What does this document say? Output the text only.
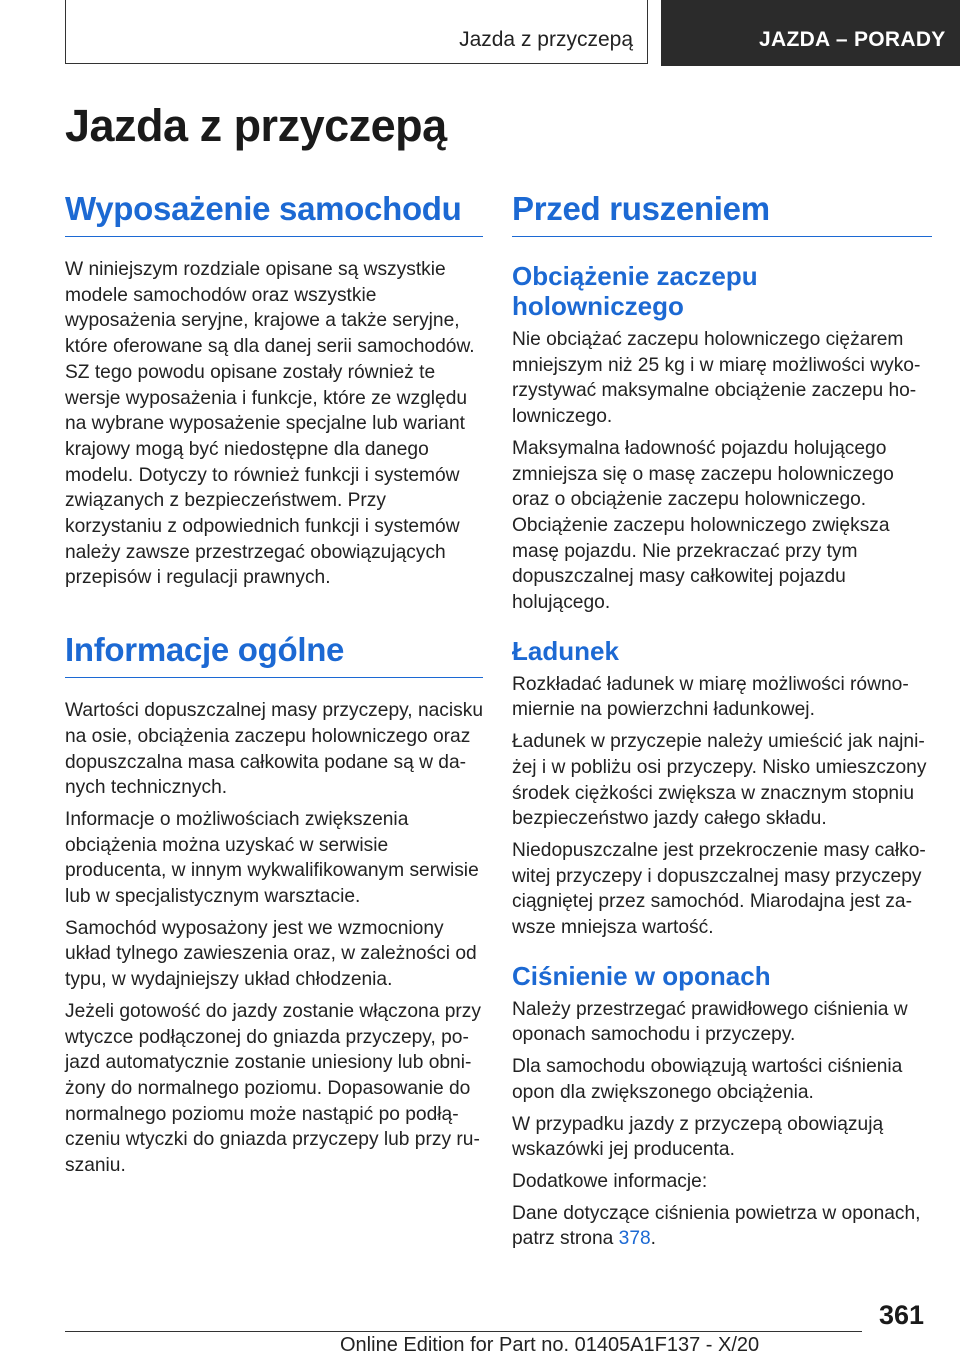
Jazda z przyczepą	JAZDA – PORADY
Jazda z przyczepą
Wyposażenie samochodu

W niniejszym rozdziale opisane są wszystkie modele samochodów oraz wszystkie wyposażenia seryjne, krajowe a także seryjne, które oferowane są dla danej serii samochodów. SZ tego powodu opisane zostały również te wersje wyposażenia i funkcje, które ze względu na wybrane wyposażenie specjalne lub wariant krajowy mogą być niedostępne dla danego modelu. Dotyczy to również funkcji i systemów związanych z bezpieczeństwem. Przy korzystaniu z odpowiednich funkcji i systemów należy zawsze przestrzegać obowiązujących przepisów i regulacji prawnych.

Informacje ogólne

Wartości dopuszczalnej masy przyczepy, nacisku na osie, obciążenia zaczepu holowniczego oraz dopuszczalna masa całkowita podane są w danych technicznych.

Informacje o możliwościach zwiększenia obciążenia można uzyskać w serwisie producenta, w innym wykwalifikowanym serwisie lub w specjalistycznym warsztacie.

Samochód wyposażony jest we wzmocniony układ tylnego zawieszenia oraz, w zależności od typu, w wydajniejszy układ chłodzenia.

Jeżeli gotowość do jazdy zostanie włączona przy wtyczce podłączonej do gniazda przyczepy, pojazd automatycznie zostanie uniesiony lub obniżony do normalnego poziomu. Dopasowanie do normalnego poziomu może nastąpić po podłączeniu wtyczki do gniazda przyczepy lub przy ruszaniu.

Przed ruszeniem
Obciążenie zaczepu holowniczego

Nie obciążać zaczepu holowniczego ciężarem mniejszym niż 25 kg i w miarę możliwości wykorzystywać maksymalne obciążenie zaczepu holowniczego.

Maksymalna ładowność pojazdu holującego zmniejsza się o masę zaczepu holowniczego oraz o obciążenie zaczepu holowniczego. Obciążenie zaczepu holowniczego zwiększa masę pojazdu. Nie przekraczać przy tym dopuszczalnej masy całkowitej pojazdu holującego.

Ładunek

Rozkładać ładunek w miarę możliwości równomiernie na powierzchni ładunkowej.

Ładunek w przyczepie należy umieścić jak najniżej i w pobliżu osi przyczepy. Nisko umieszczony środek ciężkości zwiększa w znacznym stopniu bezpieczeństwo jazdy całego składu.

Niedopuszczalne jest przekroczenie masy całkowitej przyczepy i dopuszczalnej masy przyczepy ciągniętej przez samochód. Miarodajna jest zawsze mniejsza wartość.

Ciśnienie w oponach

Należy przestrzegać prawidłowego ciśnienia w oponach samochodu i przyczepy.

Dla samochodu obowiązują wartości ciśnienia opon dla zwiększonego obciążenia.

W przypadku jazdy z przyczepą obowiązują wskazówki jej producenta.

Dodatkowe informacje:

Dane dotyczące ciśnienia powietrza w oponach, patrz strona 378.

361
Online Edition for Part no. 01405A1F137 - X/20
